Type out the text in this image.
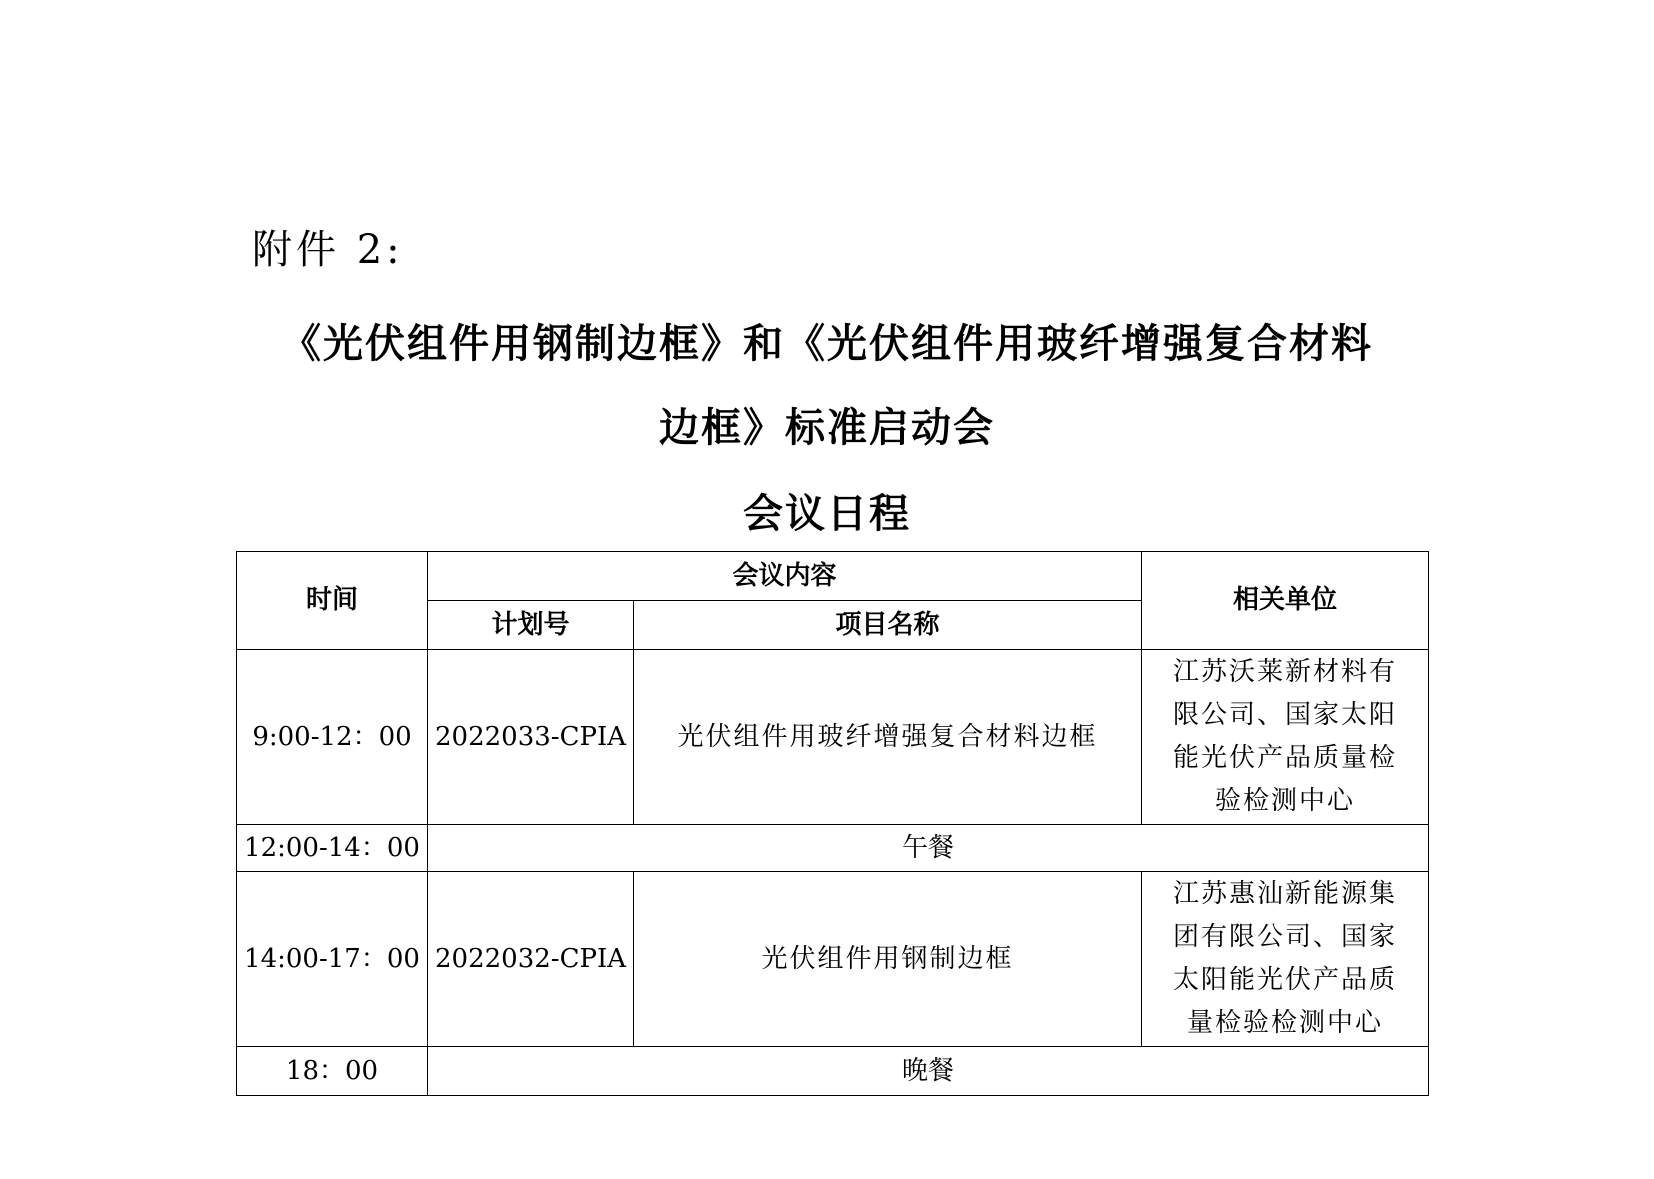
附件 2:
《光伏组件用钢制边框》和《光伏组件用玻纤增强复合材料
边框》标准启动会
会议日程
时间	会议内容		相关单位
	计划号	项目名称	
9:00-12：00	2022033-CPIA	光伏组件用玻纤增强复合材料边框	江苏沃莱新材料有限公司、国家太阳能光伏产品质量检验检测中心

12:00-14：00	午餐		
14:00-17：00	2022032-CPIA	光伏组件用钢制边框	江苏惠汕新能源集团有限公司、国家太阳能光伏产品质量检验检测中心

18：00	晚餐		
